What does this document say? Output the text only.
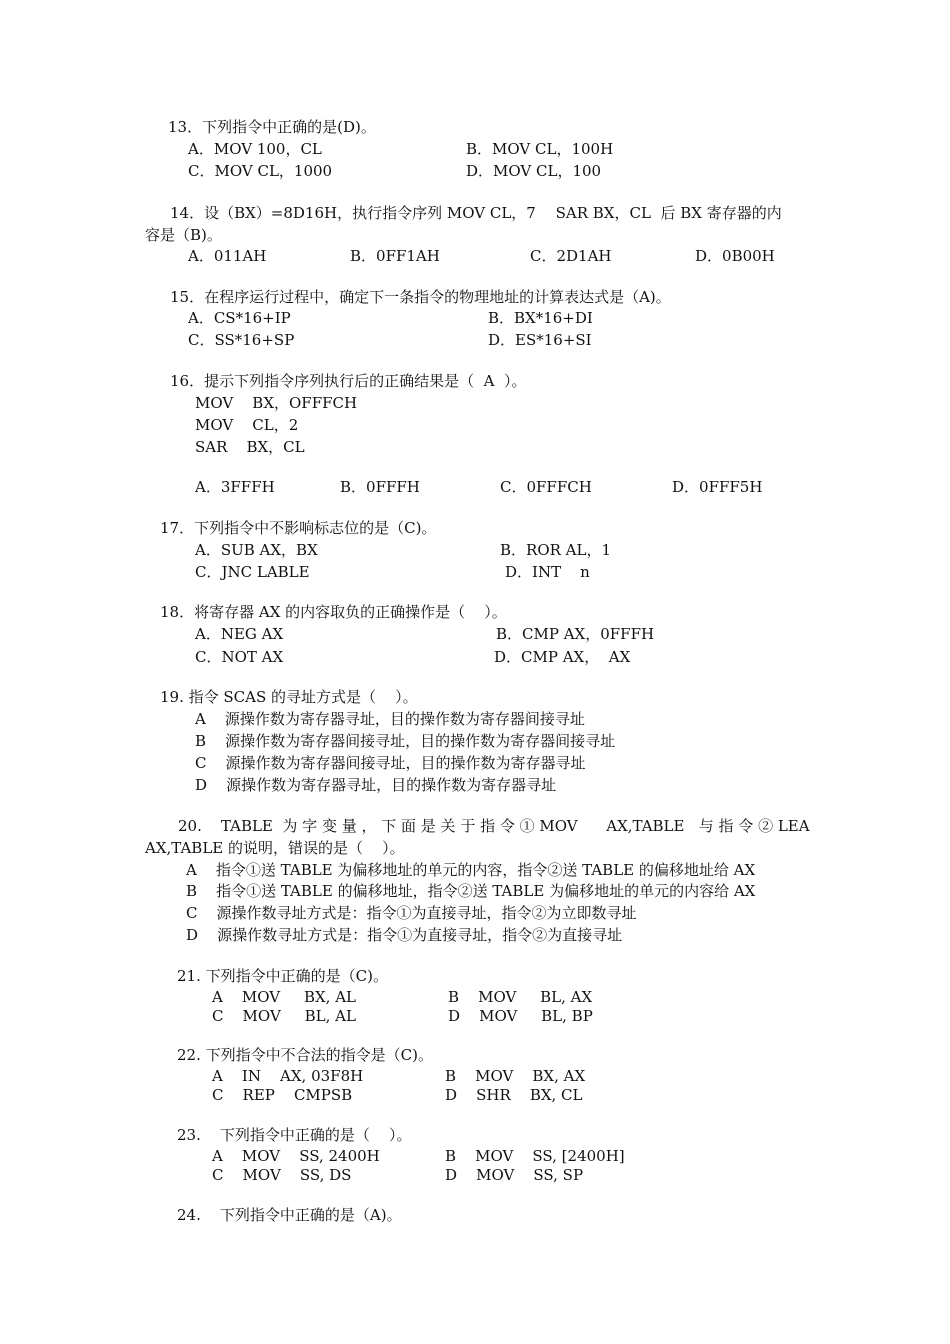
13．下列指令中正确的是(D)。
A．MOV 100，CL	B．MOV CL，100H
C．MOV CL，1000	D．MOV CL，100
14．设（BX）=8D16H，执行指令序列 MOV CL，7　 SAR BX，CL  后 BX 寄存器的内
容是（B)。
A．011AH	B．0FF1AH	C．2D1AH	D．0B00H
15．在程序运行过程中，确定下一条指令的物理地址的计算表达式是（A)。
A．CS*16+IP	B．BX*16+DI
C．SS*16+SP	D．ES*16+SI
16．提示下列指令序列执行后的正确结果是（  A  ）。
MOV    BX，OFFFCH
MOV    CL，2
SAR    BX，CL
A．3FFFH	B．0FFFH	C．0FFFCH	D．0FFF5H
17．下列指令中不影响标志位的是（C)。
A．SUB AX，BX	B．ROR AL，1
C．JNC LABLE	D．INT    n
18．将寄存器 AX 的内容取负的正确操作是（    ）。
A．NEG AX	B．CMP AX，0FFFH
C．NOT AX	D．CMP AX，  AX
19. 指令 SCAS 的寻址方式是（    ）。
A    源操作数为寄存器寻址，目的操作数为寄存器间接寻址
B    源操作数为寄存器间接寻址，目的操作数为寄存器间接寻址
C    源操作数为寄存器间接寻址，目的操作数为寄存器寻址
D    源操作数为寄存器寻址，目的操作数为寄存器寻址
20.    TABLE  为 字 变 量 ， 下 面 是 关 于 指 令 ① MOV      AX,TABLE   与 指 令 ② LEA
AX,TABLE 的说明，错误的是（    ）。
A    指令①送 TABLE 为偏移地址的单元的内容，指令②送 TABLE 的偏移地址给 AX
B    指令①送 TABLE 的偏移地址，指令②送 TABLE 为偏移地址的单元的内容给 AX
C    源操作数寻址方式是：指令①为直接寻址，指令②为立即数寻址
D    源操作数寻址方式是：指令①为直接寻址，指令②为直接寻址
21. 下列指令中正确的是（C)。
A    MOV     BX, AL	B    MOV     BL, AX
C    MOV     BL, AL	D    MOV     BL, BP
22. 下列指令中不合法的指令是（C)。
A    IN    AX, 03F8H	B    MOV    BX, AX
C    REP    CMPSB	D    SHR    BX, CL
23.    下列指令中正确的是（    ）。
A    MOV    SS, 2400H	B    MOV    SS, [2400H]
C    MOV    SS, DS	D    MOV    SS, SP
24.    下列指令中正确的是（A)。
